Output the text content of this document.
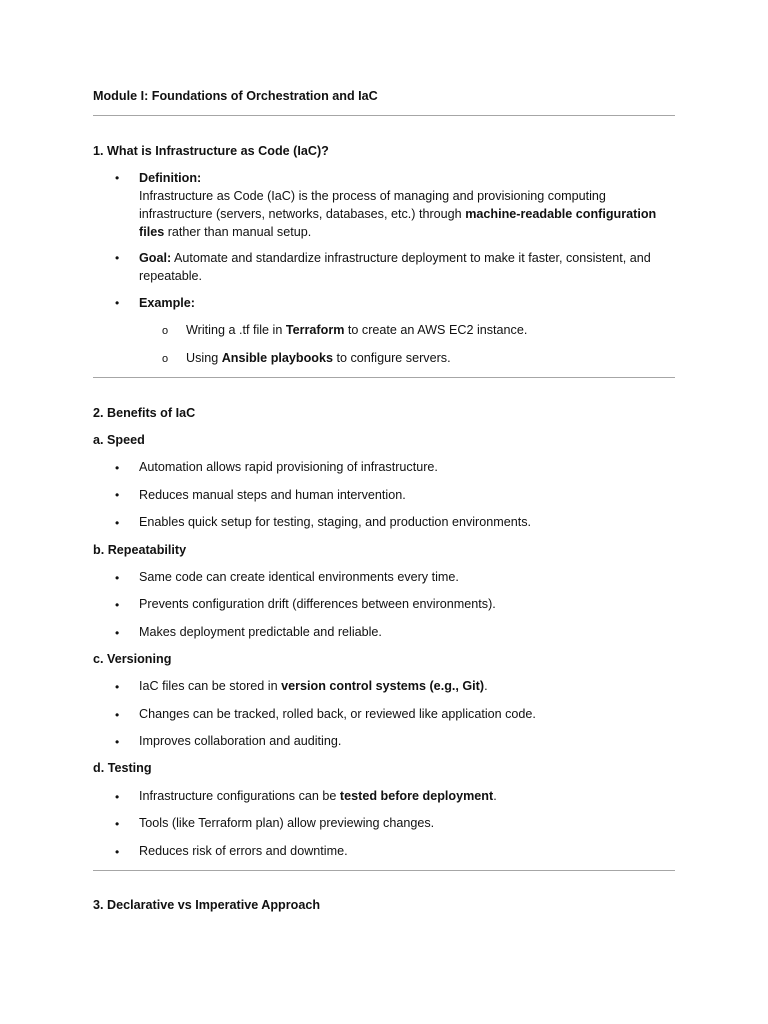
Module I: Foundations of Orchestration and IaC
1. What is Infrastructure as Code (IaC)?
• Definition:
Infrastructure as Code (IaC) is the process of managing and provisioning computing
infrastructure (servers, networks, databases, etc.) through machine-readable configuration
files rather than manual setup.
• Goal: Automate and standardize infrastructure deployment to make it faster, consistent, and
repeatable.
• Example:
o Writing a .tf file in Terraform to create an AWS EC2 instance.
o Using Ansible playbooks to configure servers.
2. Benefits of IaC
a. Speed
• Automation allows rapid provisioning of infrastructure.
• Reduces manual steps and human intervention.
• Enables quick setup for testing, staging, and production environments.
b. Repeatability
• Same code can create identical environments every time.
• Prevents configuration drift (differences between environments).
• Makes deployment predictable and reliable.
c. Versioning
• IaC files can be stored in version control systems (e.g., Git).
• Changes can be tracked, rolled back, or reviewed like application code.
• Improves collaboration and auditing.
d. Testing
• Infrastructure configurations can be tested before deployment.
• Tools (like Terraform plan) allow previewing changes.
• Reduces risk of errors and downtime.
3. Declarative vs Imperative Approach
